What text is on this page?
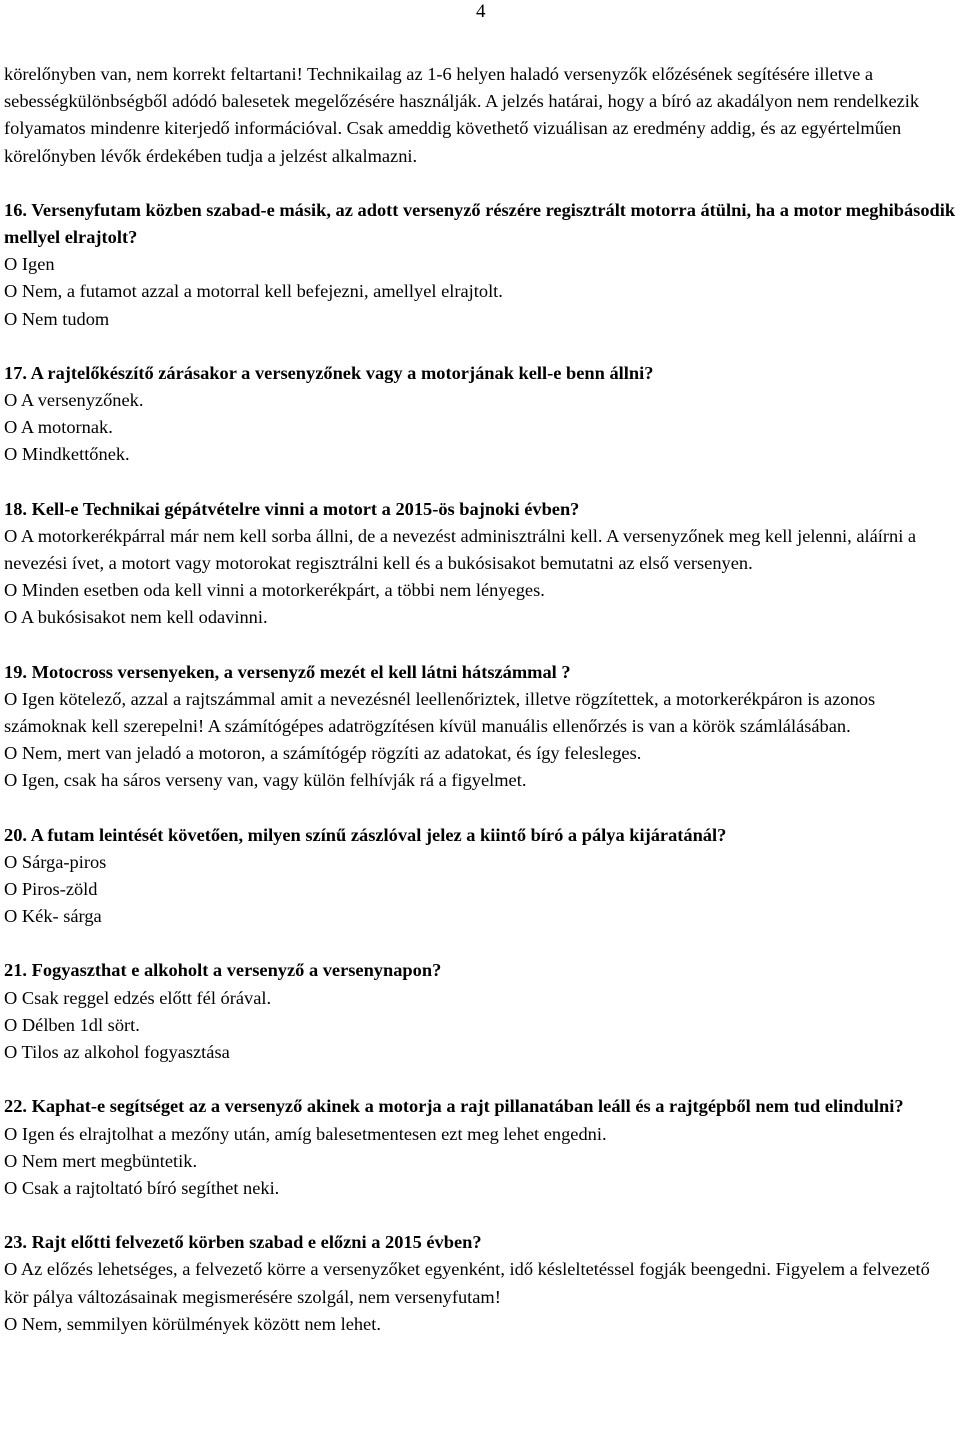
4

körelőnyben van, nem korrekt feltartani! Technikailag az 1-6 helyen haladó versenyzők előzésének segítésére illetve a sebességkülönbségből adódó balesetek megelőzésére használják. A jelzés határai, hogy a bíró az akadályon nem rendelkezik folyamatos mindenre kiterjedő információval. Csak ameddig követhető vizuálisan az eredmény addig, és az egyértelműen körelőnyben lévők érdekében tudja a jelzést alkalmazni.

16. Versenyfutam közben szabad-e másik, az adott versenyző részére regisztrált motorra átülni, ha a motor meghibásodik mellyel elrajtolt?

O Igen

O Nem, a futamot azzal a motorral kell befejezni, amellyel elrajtolt.

O Nem tudom

17. A rajtelőkészítő zárásakor a versenyzőnek vagy a motorjának kell-e benn állni?

O A versenyzőnek.

O A motornak.

O Mindkettőnek.

18. Kell-e Technikai gépátvételre vinni a motort a 2015-ös bajnoki évben?

O A motorkerékpárral már nem kell sorba állni, de a nevezést adminisztrálni kell. A versenyzőnek meg kell jelenni, aláírni a nevezési ívet, a motort vagy motorokat regisztrálni kell és a bukósisakot bemutatni az első versenyen.

O Minden esetben oda kell vinni a motorkerékpárt, a többi nem lényeges.

O A bukósisakot nem kell odavinni.

19. Motocross versenyeken, a versenyző mezét el kell látni hátszámmal ?

O Igen kötelező, azzal a rajtszámmal amit a nevezésnél leellenőriztek, illetve rögzítettek, a motorkerékpáron is azonos számoknak kell szerepelni! A számítógépes adatrögzítésen kívül manuális ellenőrzés is van a körök számlálásában.

O Nem, mert van jeladó a motoron, a számítógép rögzíti az adatokat, és így felesleges.

O Igen, csak ha sáros verseny van, vagy külön felhívják rá a figyelmet.

20. A futam leintését követően, milyen színű zászlóval jelez a kiintő bíró a pálya kijáratánál?

O Sárga-piros

O Piros-zöld

O Kék- sárga

21. Fogyaszthat e alkoholt a versenyző a versenynapon?

O Csak reggel edzés előtt fél órával.

O Délben 1dl sört.

O Tilos az alkohol fogyasztása

22. Kaphat-e segítséget az a versenyző akinek a motorja a rajt pillanatában leáll és a rajtgépből nem tud elindulni?

O Igen és elrajtolhat a mezőny után, amíg balesetmentesen ezt meg lehet engedni.

O Nem mert megbüntetik.

O Csak a rajtoltató bíró segíthet neki.

23. Rajt előtti felvezető körben szabad e előzni a 2015 évben?

O Az előzés lehetséges, a felvezető körre a versenyzőket egyenként, idő késleltetéssel fogják beengedni. Figyelem a felvezető kör pálya változásainak megismerésére szolgál, nem versenyfutam!

O Nem, semmilyen körülmények között nem lehet.
